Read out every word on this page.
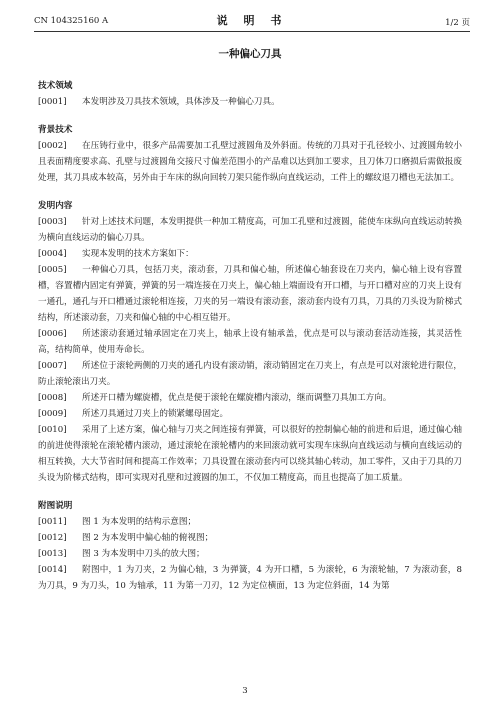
CN 104325160 A	说 明 书	1/2 页
一种偏心刀具
技术领域
[0001] 本发明涉及刀具技术领域，具体涉及一种偏心刀具。
背景技术
[0002] 在压铸行业中，很多产品需要加工孔壁过渡圆角及外斜面。传统的刀具对于孔径较小、过渡圆角较小且表面精度要求高、孔壁与过渡圆角交接尺寸偏差范围小的产品难以达到加工要求，且刀体刀口磨损后需做报废处理，其刀具成本较高，另外由于车床的纵向回转刀架只能作纵向直线运动，工件上的螺纹退刀槽也无法加工。
发明内容
[0003] 针对上述技术问题，本发明提供一种加工精度高，可加工孔壁和过渡圆，能使车床纵向直线运动转换为横向直线运动的偏心刀具。
[0004] 实现本发明的技术方案如下：
[0005] 一种偏心刀具，包括刀夹，滚动套，刀具和偏心轴，所述偏心轴套设在刀夹内，偏心轴上设有容置槽，容置槽内固定有弹簧，弹簧的另一端连接在刀夹上，偏心轴上端面设有开口槽，与开口槽对应的刀夹上设有一通孔，通孔与开口槽通过滚轮相连接，刀夹的另一端设有滚动套，滚动套内设有刀具，刀具的刀头设为阶梯式结构，所述滚动套，刀夹和偏心轴的中心相互错开。
[0006] 所述滚动套通过轴承固定在刀夹上，轴承上设有轴承盖，优点是可以与滚动套活动连接，其灵活性高，结构简单，使用寿命长。
[0007] 所述位于滚轮两侧的刀夹的通孔内设有滚动销，滚动销固定在刀夹上，有点是可以对滚轮进行限位，防止滚轮滚出刀夹。
[0008] 所述开口槽为螺旋槽，优点是便于滚轮在螺旋槽内滚动，继而调整刀具加工方向。
[0009] 所述刀具通过刀夹上的锁紧螺母固定。
[0010] 采用了上述方案，偏心轴与刀夹之间连接有弹簧，可以很好的控制偏心轴的前进和后退，通过偏心轴的前进使得滚轮在滚轮槽内滚动，通过滚轮在滚轮槽内的来回滚动就可实现车床纵向直线运动与横向直线运动的相互转换，大大节省时间和提高工作效率；刀具设置在滚动套内可以绕其轴心转动，加工零件，又由于刀具的刀头设为阶梯式结构，即可实现对孔壁和过渡圆的加工，不仅加工精度高，而且也提高了加工质量。
附图说明
[0011] 图 1 为本发明的结构示意图；
[0012] 图 2 为本发明中偏心轴的俯视图；
[0013] 图 3 为本发明中刀头的放大图；
[0014] 附图中，1 为刀夹，2 为偏心轴，3 为弹簧，4 为开口槽，5 为滚轮，6 为滚轮轴，7 为滚动套，8 为刀具，9 为刀头，10 为轴承，11 为第一刀刃，12 为定位横面，13 为定位斜面，14 为第
3
